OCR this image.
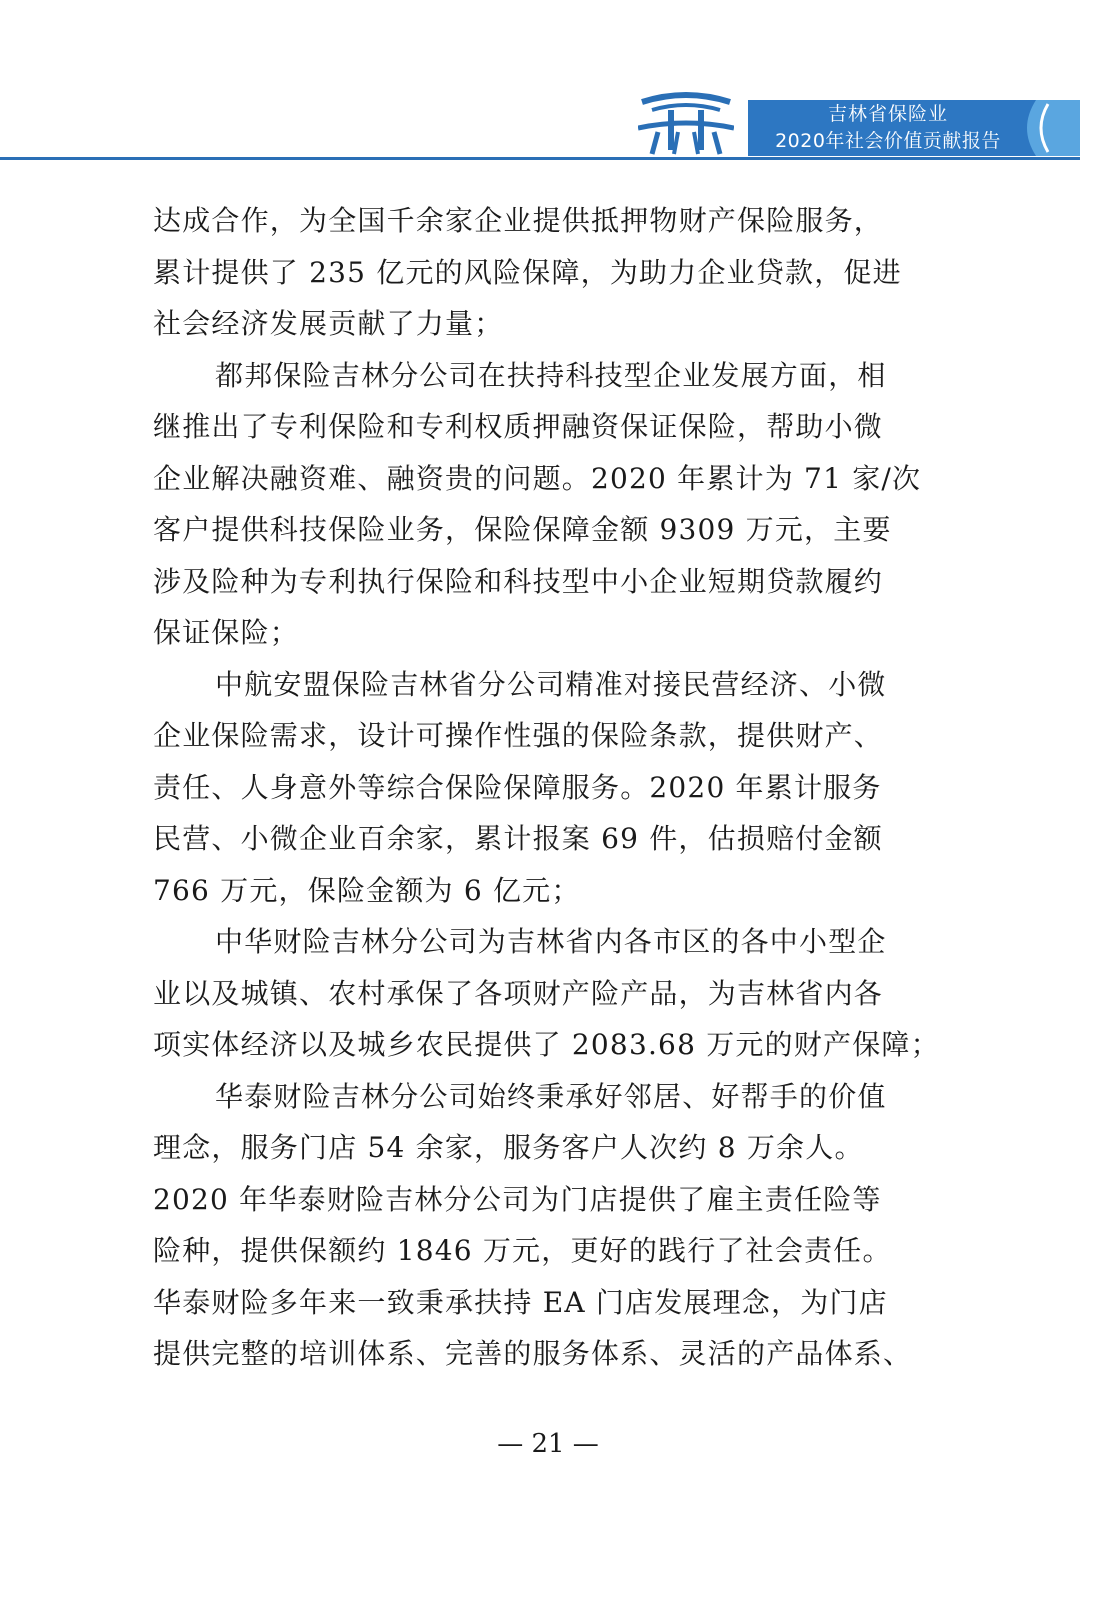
吉林省保险业
2020年社会价值贡献报告
达成合作，为全国千余家企业提供抵押物财产保险服务，
累计提供了 235 亿元的风险保障，为助力企业贷款，促进
社会经济发展贡献了力量；
都邦保险吉林分公司在扶持科技型企业发展方面，相
继推出了专利保险和专利权质押融资保证保险，帮助小微
企业解决融资难、融资贵的问题。2020 年累计为 71 家/次
客户提供科技保险业务，保险保障金额 9309 万元，主要
涉及险种为专利执行保险和科技型中小企业短期贷款履约
保证保险；
中航安盟保险吉林省分公司精准对接民营经济、小微
企业保险需求，设计可操作性强的保险条款，提供财产、
责任、人身意外等综合保险保障服务。2020 年累计服务
民营、小微企业百余家，累计报案 69 件，估损赔付金额
766 万元，保险金额为 6 亿元；
中华财险吉林分公司为吉林省内各市区的各中小型企
业以及城镇、农村承保了各项财产险产品，为吉林省内各
项实体经济以及城乡农民提供了 2083.68 万元的财产保障；
华泰财险吉林分公司始终秉承好邻居、好帮手的价值
理念，服务门店 54 余家，服务客户人次约 8 万余人。
2020 年华泰财险吉林分公司为门店提供了雇主责任险等
险种，提供保额约 1846 万元，更好的践行了社会责任。
华泰财险多年来一致秉承扶持 EA 门店发展理念，为门店
提供完整的培训体系、完善的服务体系、灵活的产品体系、
— 21 —
